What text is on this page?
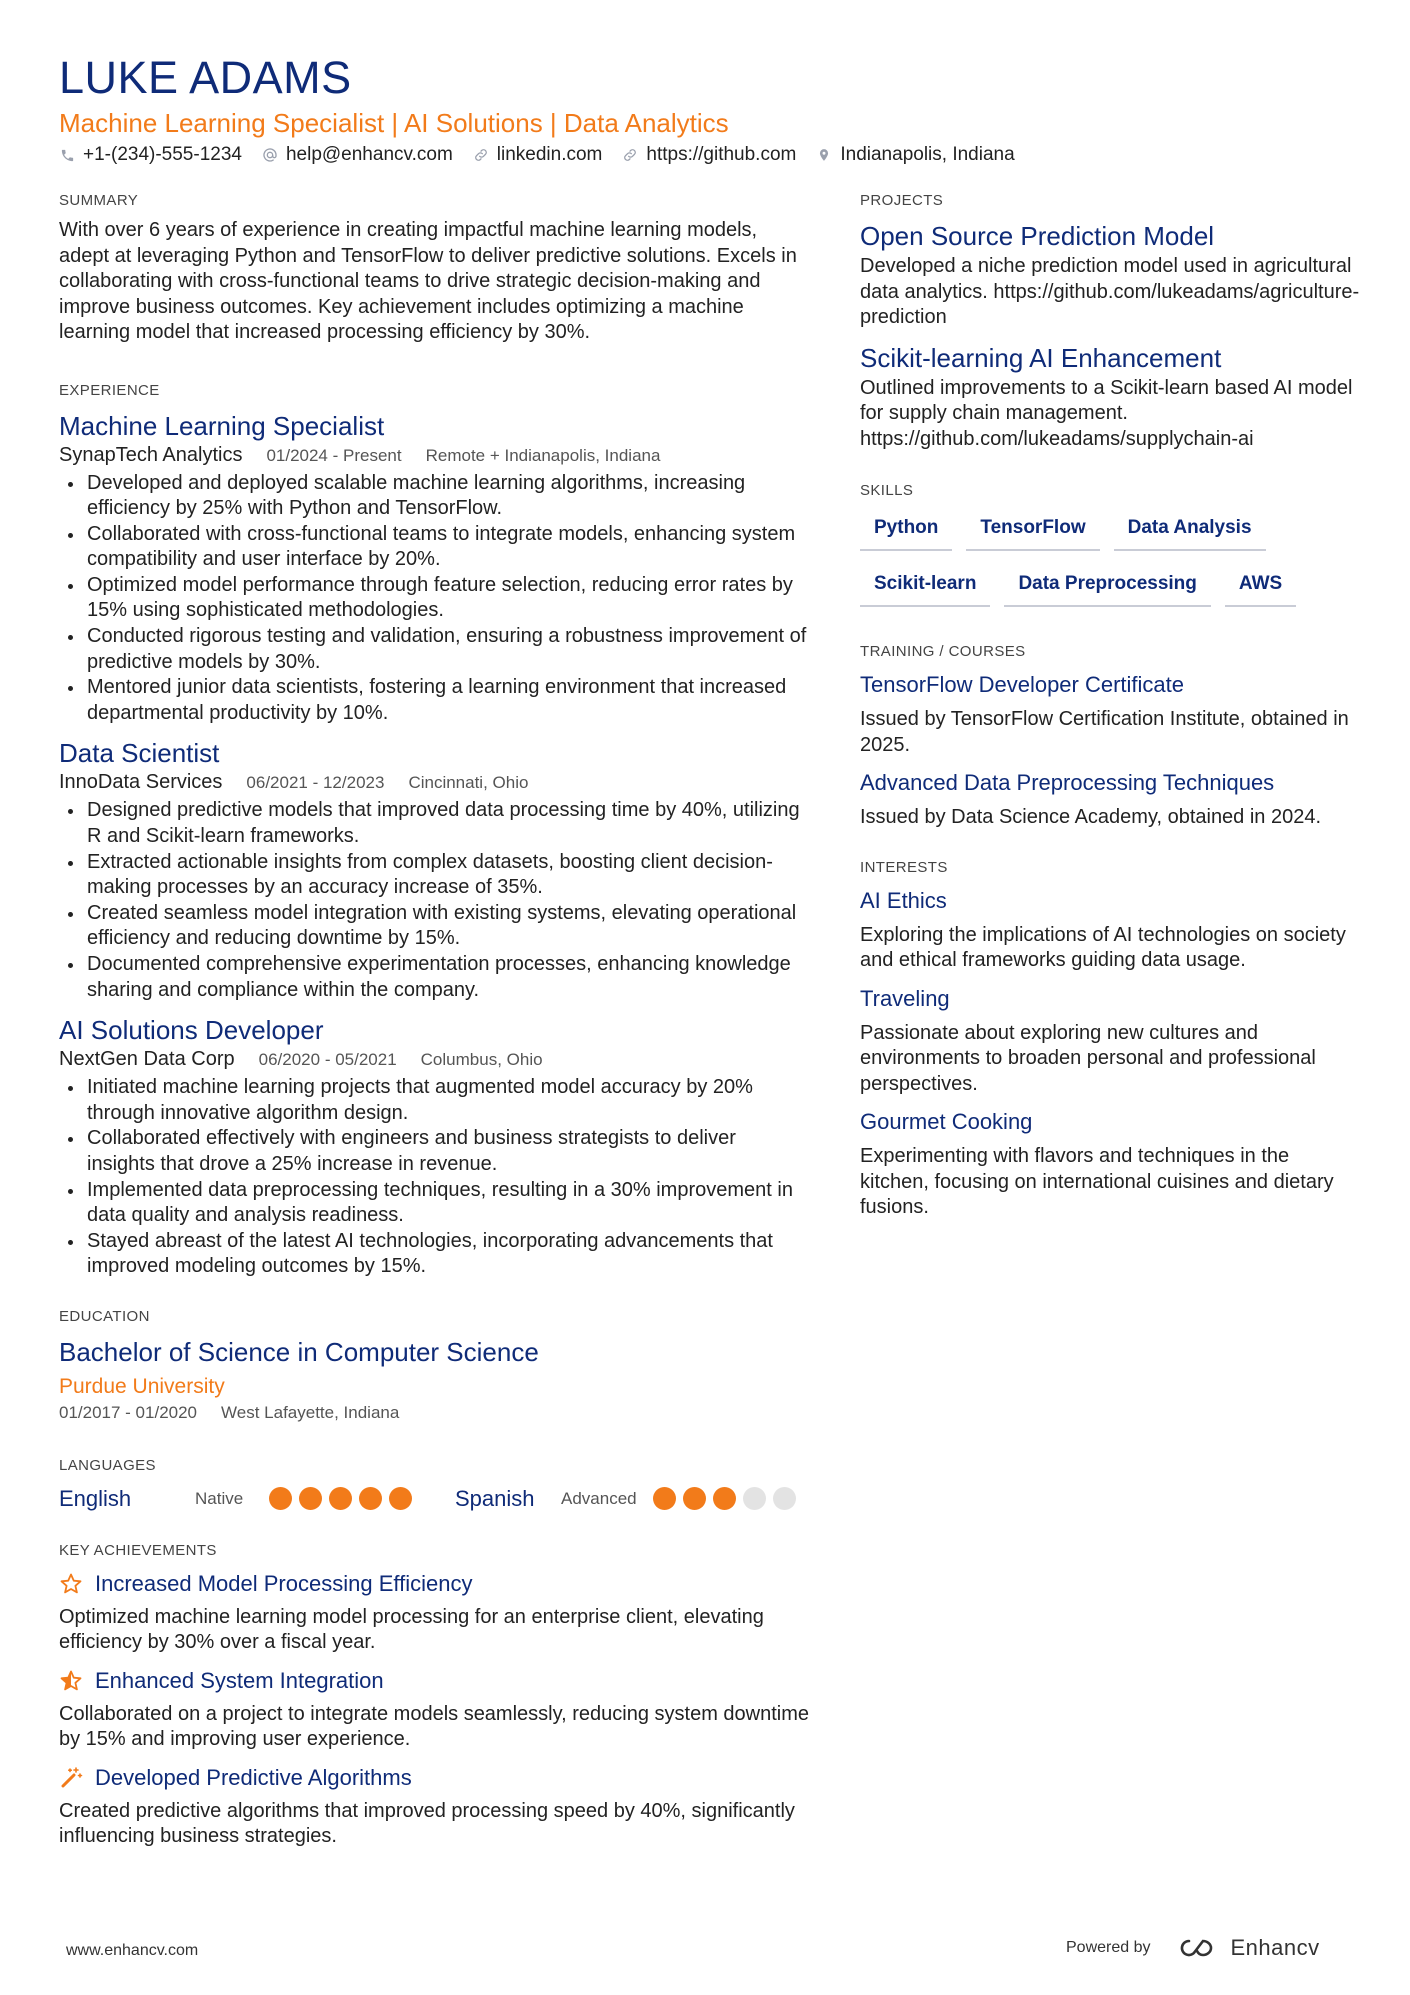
LUKE ADAMS
Machine Learning Specialist | AI Solutions | Data Analytics
+1-(234)-555-1234 help@enhancv.com linkedin.com https://github.com Indianapolis, Indiana
SUMMARY

With over 6 years of experience in creating impactful machine learning models, adept at leveraging Python and TensorFlow to deliver predictive solutions. Excels in collaborating with cross-functional teams to drive strategic decision-making and improve business outcomes. Key achievement includes optimizing a machine learning model that increased processing efficiency by 30%.

EXPERIENCE
Machine Learning Specialist
SynapTech Analytics 01/2024 - Present Remote + Indianapolis, Indiana
Developed and deployed scalable machine learning algorithms, increasing efficiency by 25% with Python and TensorFlow.
Collaborated with cross-functional teams to integrate models, enhancing system compatibility and user interface by 20%.
Optimized model performance through feature selection, reducing error rates by 15% using sophisticated methodologies.
Conducted rigorous testing and validation, ensuring a robustness improvement of predictive models by 30%.
Mentored junior data scientists, fostering a learning environment that increased departmental productivity by 10%.
Data Scientist
InnoData Services 06/2021 - 12/2023 Cincinnati, Ohio
Designed predictive models that improved data processing time by 40%, utilizing R and Scikit-learn frameworks.
Extracted actionable insights from complex datasets, boosting client decision-making processes by an accuracy increase of 35%.
Created seamless model integration with existing systems, elevating operational efficiency and reducing downtime by 15%.
Documented comprehensive experimentation processes, enhancing knowledge sharing and compliance within the company.
AI Solutions Developer
NextGen Data Corp 06/2020 - 05/2021 Columbus, Ohio
Initiated machine learning projects that augmented model accuracy by 20% through innovative algorithm design.
Collaborated effectively with engineers and business strategists to deliver insights that drove a 25% increase in revenue.
Implemented data preprocessing techniques, resulting in a 30% improvement in data quality and analysis readiness.
Stayed abreast of the latest AI technologies, incorporating advancements that improved modeling outcomes by 15%.
EDUCATION
Bachelor of Science in Computer Science
Purdue University
01/2017 - 01/2020 West Lafayette, Indiana
LANGUAGES
English	Native	Spanish	Advanced
KEY ACHIEVEMENTS
Increased Model Processing Efficiency

Optimized machine learning model processing for an enterprise client, elevating efficiency by 30% over a fiscal year.

Enhanced System Integration

Collaborated on a project to integrate models seamlessly, reducing system downtime by 15% and improving user experience.

Developed Predictive Algorithms

Created predictive algorithms that improved processing speed by 40%, significantly influencing business strategies.

PROJECTS
Open Source Prediction Model

Developed a niche prediction model used in agricultural data analytics. https://github.com/lukeadams/agriculture-prediction

Scikit-learning AI Enhancement

Outlined improvements to a Scikit-learn based AI model for supply chain management. https://github.com/lukeadams/supplychain-ai

SKILLS
Python	TensorFlow	Data Analysis
Scikit-learn	Data Preprocessing	AWS
TRAINING / COURSES
TensorFlow Developer Certificate

Issued by TensorFlow Certification Institute, obtained in 2025.

Advanced Data Preprocessing Techniques

Issued by Data Science Academy, obtained in 2024.

INTERESTS
AI Ethics

Exploring the implications of AI technologies on society and ethical frameworks guiding data usage.

Traveling

Passionate about exploring new cultures and environments to broaden personal and professional perspectives.

Gourmet Cooking

Experimenting with flavors and techniques in the kitchen, focusing on international cuisines and dietary fusions.

www.enhancv.com	Powered by	Enhancv
